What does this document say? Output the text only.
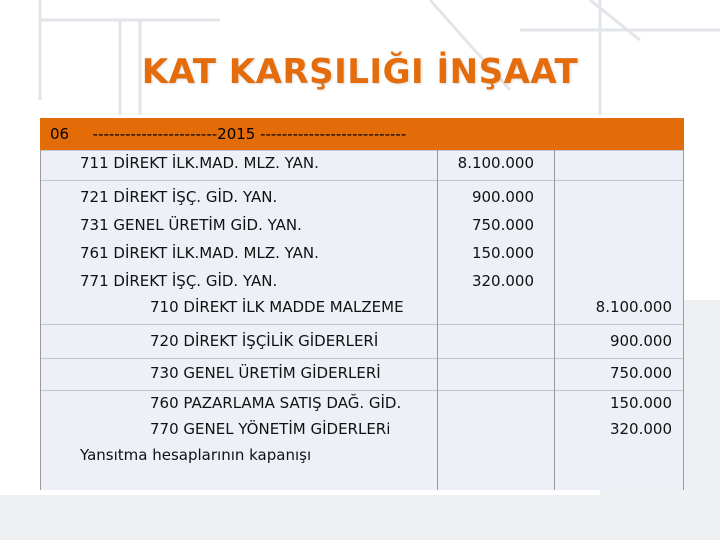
KAT KARŞILIĞI İNŞAAT
06 -----------------------2015 ---------------------------
711 DİREKT İLK.MAD. MLZ. YAN.
721 DİREKT İŞÇ. GİD. YAN.
731 GENEL ÜRETİM GİD. YAN.
761 DİREKT İLK.MAD. MLZ. YAN.
771 DİREKT İŞÇ. GİD. YAN.
710 DİREKT İLK MADDE MALZEME
720 DİREKT İŞÇİLİK GİDERLERİ
730 GENEL ÜRETİM GİDERLERİ
760 PAZARLAMA SATIŞ DAĞ. GİD.
770 GENEL YÖNETİM GİDERLERi
Yansıtma hesaplarının kapanışı
8.100.000
900.000
750.000
150.000
320.000
8.100.000
900.000
750.000
150.000
320.000
